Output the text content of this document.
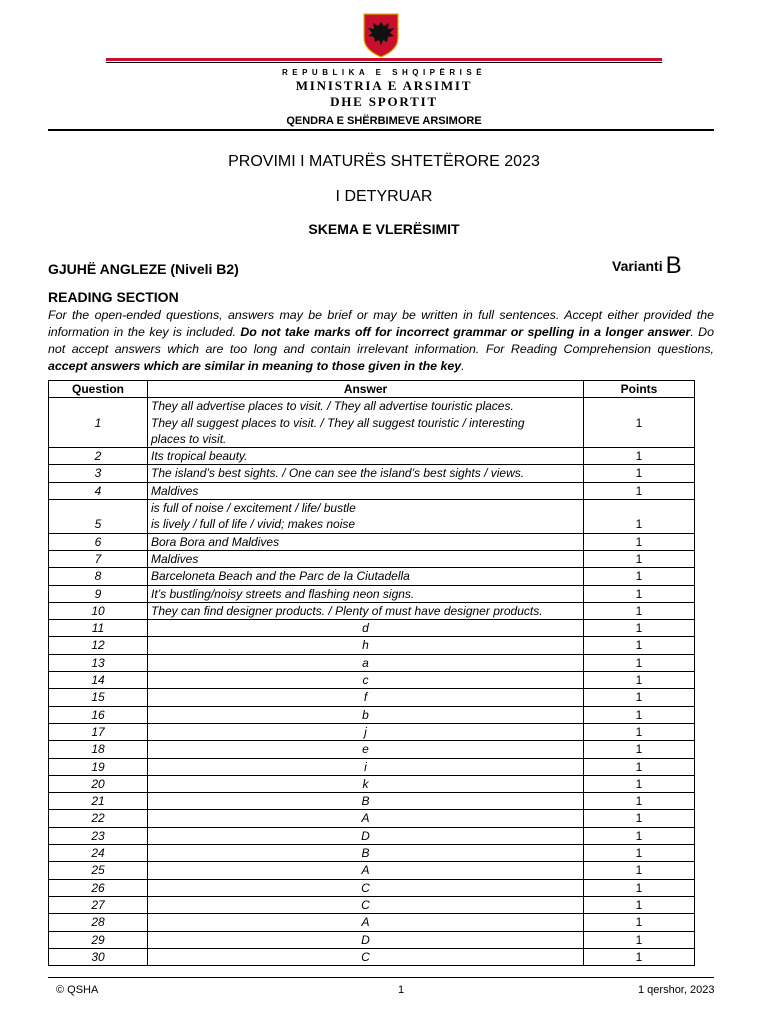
REPUBLIKA E SHQIPËRISË
MINISTRIA E ARSIMIT
DHE SPORTIT
QENDRA E SHËRBIMEVE ARSIMORE
PROVIMI I MATURËS SHTETËRORE 2023
I DETYRUAR
SKEMA E VLERËSIMIT
GJUHË ANGLEZE (Niveli B2)	Varianti B
READING SECTION
For the open-ended questions, answers may be brief or may be written in full sentences. Accept either provided the information in the key is included. Do not take marks off for incorrect grammar or spelling in a longer answer. Do not accept answers which are too long and contain irrelevant information. For Reading Comprehension questions, accept answers which are similar in meaning to those given in the key.
Question	Answer	Points
1	They all advertise places to visit. / They all advertise touristic places.
They all suggest places to visit. / They all suggest touristic / interesting
places to visit.	1
2	Its tropical beauty.	1
3	The island’s best sights. / One can see the island’s best sights / views.	1
4	Maldives	1
5	is full of noise / excitement / life/ bustle
is lively / full of life / vivid; makes noise	1
6	Bora Bora and Maldives	1
7	Maldives	1
8	Barceloneta Beach and the Parc de la Ciutadella	1
9	It’s bustling/noisy streets and flashing neon signs.	1
10	They can find designer products. / Plenty of must have designer products.	1
11	d	1
12	h	1
13	a	1
14	c	1
15	f	1
16	b	1
17	j	1
18	e	1
19	i	1
20	k	1
21	B	1
22	A	1
23	D	1
24	B	1
25	A	1
26	C	1
27	C	1
28	A	1
29	D	1
30	C	1
© QSHA	1	1 qershor, 2023
